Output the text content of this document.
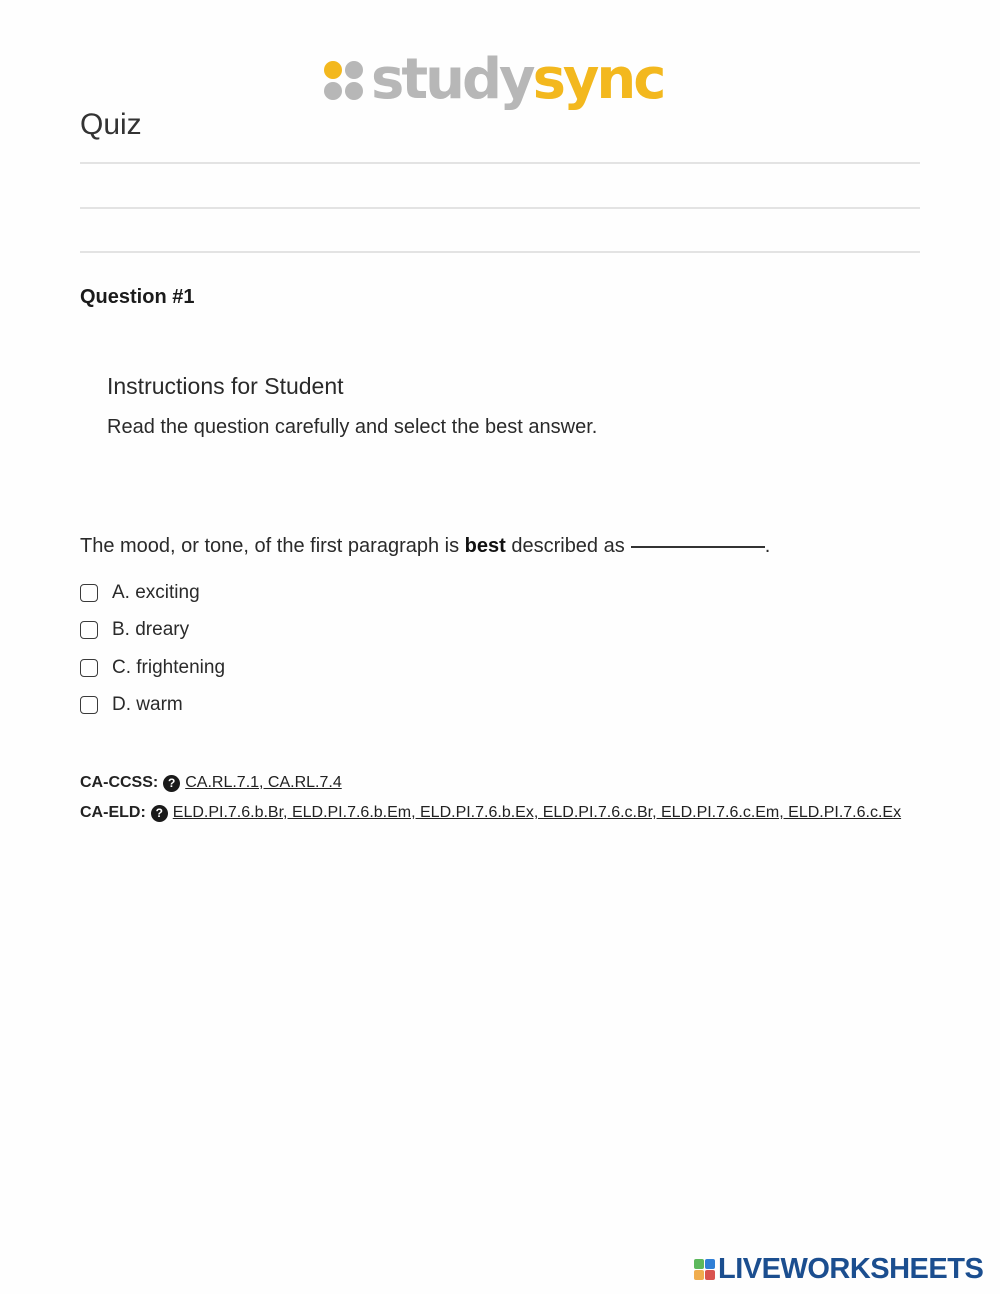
study sync
Quiz
Question #1
Instructions for Student
Read the question carefully and select the best answer.
The mood, or tone, of the first paragraph is best described as	.
A. exciting
B. dreary
C. frightening
D. warm
CA-CCSS: ? CA.RL.7.1, CA.RL.7.4
CA-ELD: ? ELD.PI.7.6.b.Br, ELD.PI.7.6.b.Em, ELD.PI.7.6.b.Ex, ELD.PI.7.6.c.Br, ELD.PI.7.6.c.Em, ELD.PI.7.6.c.Ex
LIVEWORKSHEETS
